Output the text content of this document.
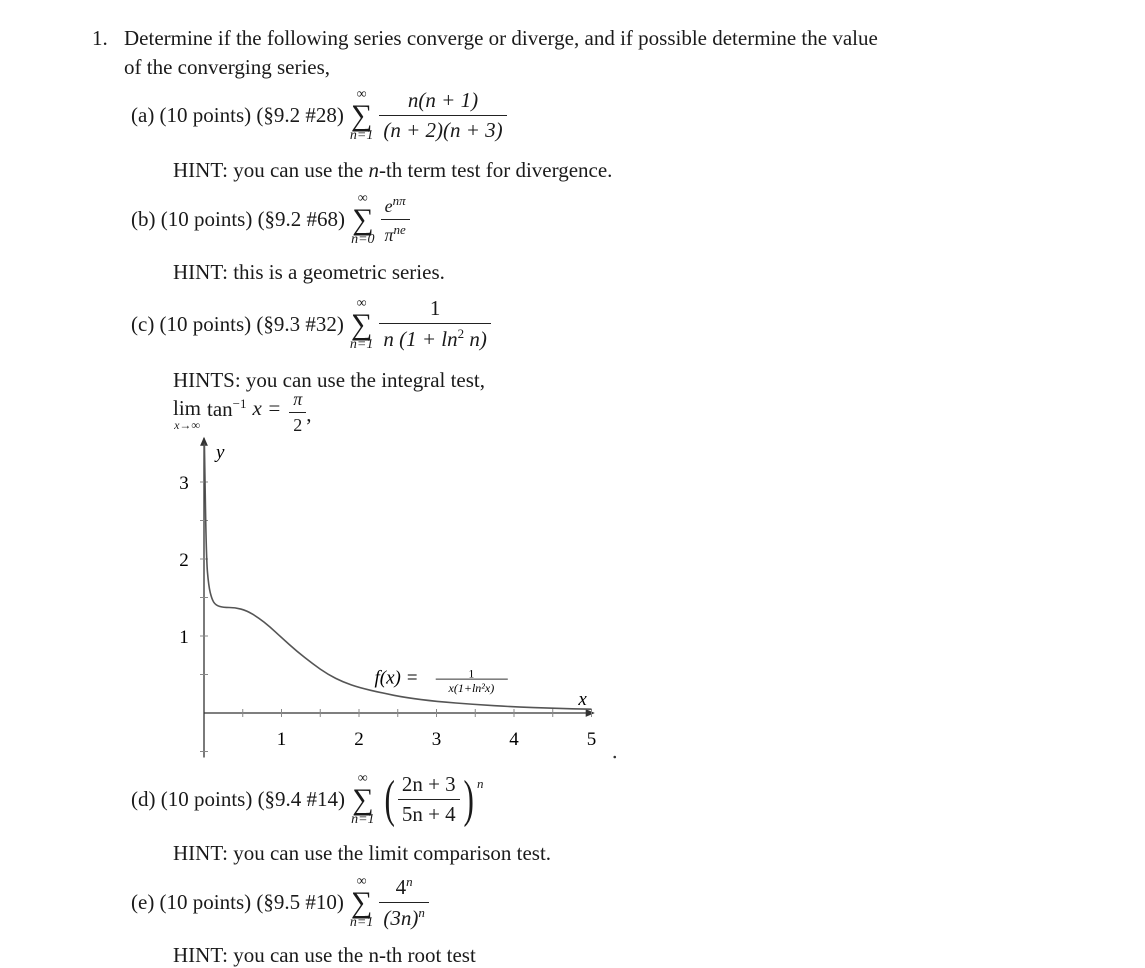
1. Determine if the following series converge or diverge, and if possible determine the value
of the converging series,
(a) (10 points) (§9.2 #28)
∞
∑
$n=1 \frac{n(n + 1)}{(n + 2)(n + 3)}$
HINT: you can use the n-th term test for divergence.
(b) (10 points) (§9.2 #68)
∞
∑
$n=0 \frac{e^{n\pi}}{\pi^{ne}}$
HINT: this is a geometric series.
(c) (10 points) (§9.3 #32)
∞
∑
$n=1 \frac{1}{n (1 + \ln^2 n)}$
HINTS: you can use the integral test,
lim
x→∞
$\tan^{-1} x = \frac{\pi}{2}$ ,
1	2	3	4	5
1
2
3
y
x
f(x) =	1
x(1+ln²x)
(d) (10 points) (§9.4 #14)
∞
∑
n=1 ( $\frac{2n + 3}{5n + 4}$ ) n
HINT: you can use the limit comparison test.
(e) (10 points) (§9.5 #10)
∞
∑
$n=1 \frac{4^n}{(3n)^n}$
HINT: you can use the n-th root test
